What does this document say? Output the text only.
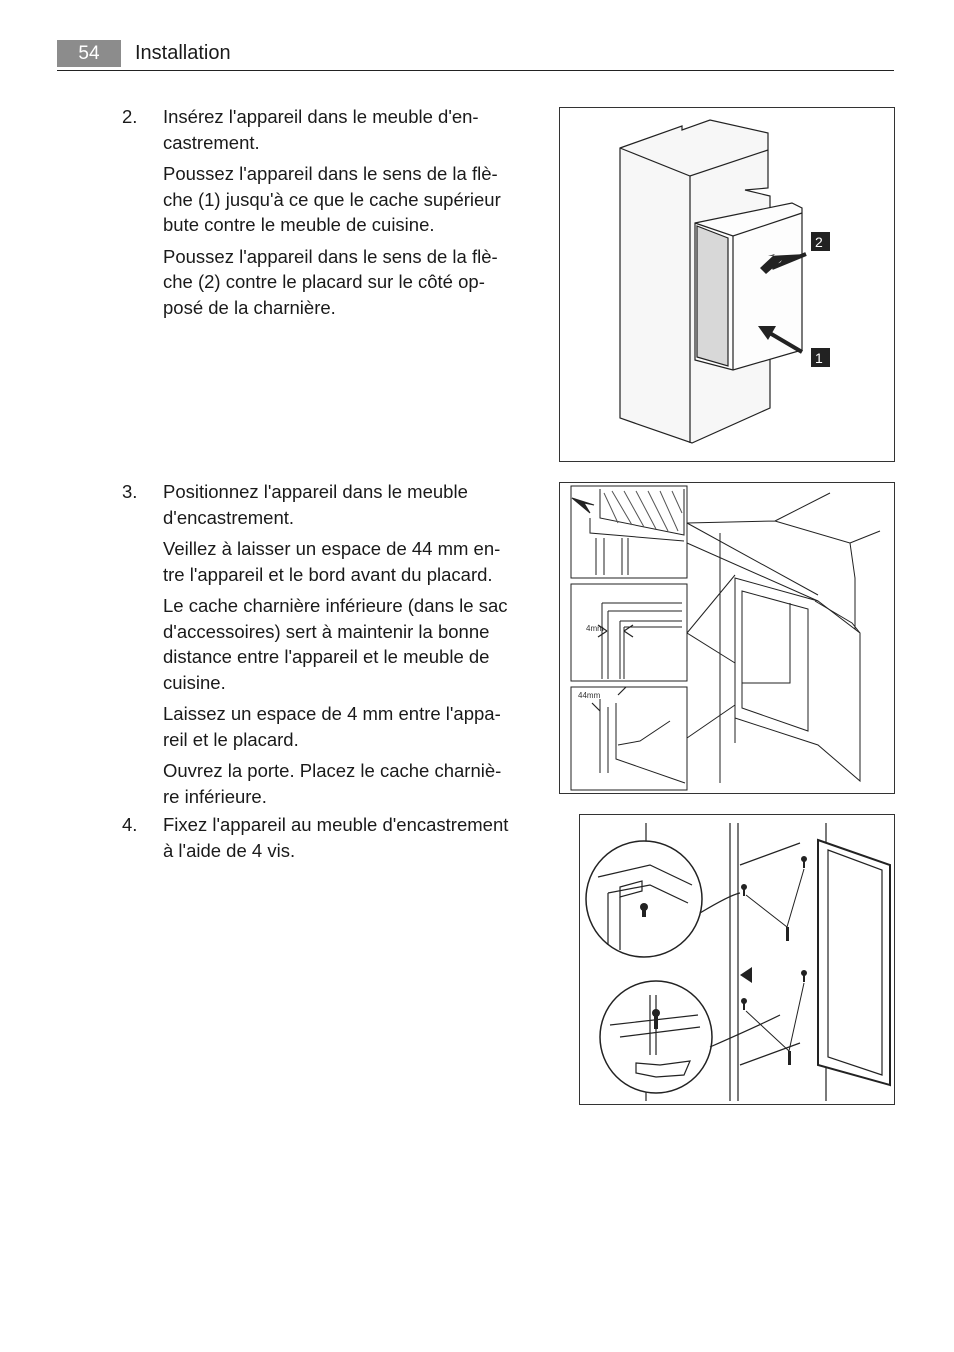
54	Installation
2. Insérez l'appareil dans le meuble d'en-castrement.

Poussez l'appareil dans le sens de la flè-che (1) jusqu'à ce que le cache supérieur bute contre le meuble de cuisine.

Poussez l'appareil dans le sens de la flè-che (2) contre le placard sur le côté op-posé de la charnière.

3. Positionnez l'appareil dans le meuble d'encastrement.

Veillez à laisser un espace de 44 mm en-tre l'appareil et le bord avant du placard.

Le cache charnière inférieure (dans le sac d'accessoires) sert à maintenir la bonne distance entre l'appareil et le meuble de cuisine.

Laissez un espace de 4 mm entre l'appa-reil et le placard.

Ouvrez la porte. Placez le cache charniè-re inférieure.

4. Fixez l'appareil au meuble d'encastrement à l'aide de 4 vis.

2
1
4mm
44mm
